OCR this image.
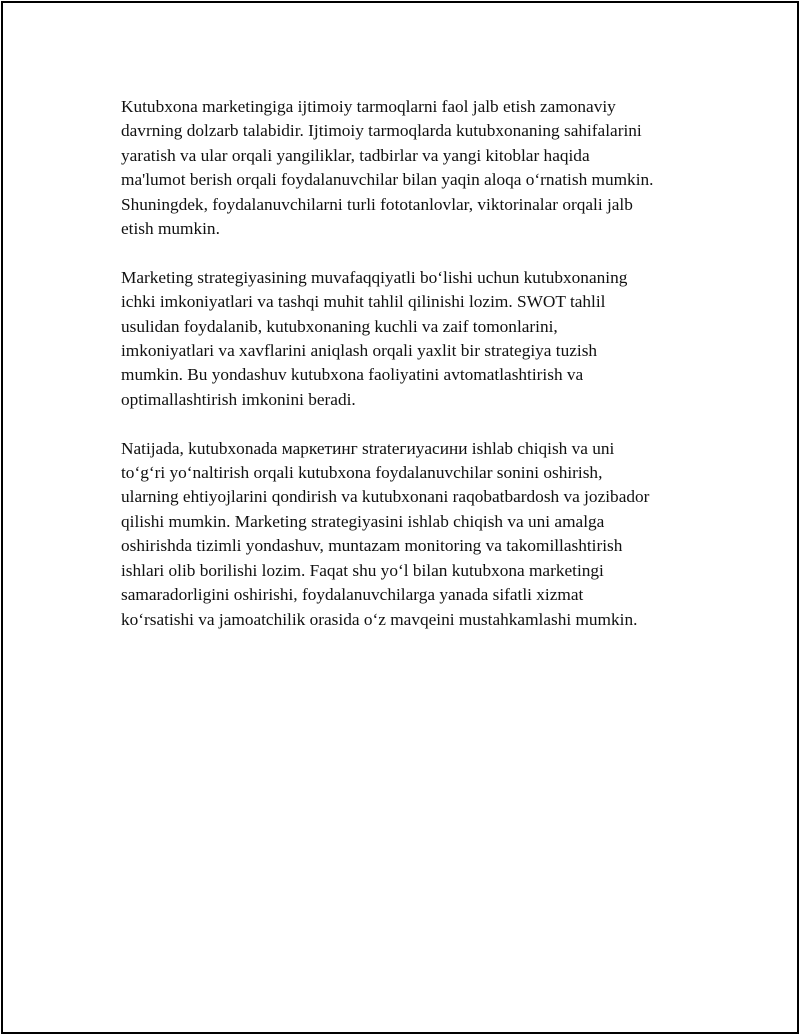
Kutubxona marketingiga ijtimoiy tarmoqlarni faol jalb etish zamonaviy
davrning dolzarb talabidir. Ijtimoiy tarmoqlarda kutubxonaning sahifalarini
yaratish va ular orqali yangiliklar, tadbirlar va yangi kitoblar haqida
ma'lumot berish orqali foydalanuvchilar bilan yaqin aloqa o‘rnatish mumkin.
Shuningdek, foydalanuvchilarni turli fototanlovlar, viktorinalar orqali jalb
etish mumkin.

Marketing strategiyasining muvafaqqiyatli bo‘lishi uchun kutubxonaning
ichki imkoniyatlari va tashqi muhit tahlil qilinishi lozim. SWOT tahlil
usulidan foydalanib, kutubxonaning kuchli va zaif tomonlarini,
imkoniyatlari va xavflarini aniqlash orqali yaxlit bir strategiya tuzish
mumkin. Bu yondashuv kutubxona faoliyatini avtomatlashtirish va
optimallashtirish imkonini beradi.

Natijada, kutubxonada маркетинг stratегиyaсини ishlab chiqish va uni
to‘g‘ri yo‘naltirish orqali kutubxona foydalanuvchilar sonini oshirish,
ularning ehtiyojlarini qondirish va kutubxonani raqobatbardosh va jozibador
qilishi mumkin. Marketing strategiyasini ishlab chiqish va uni amalga
oshirishda tizimli yondashuv, muntazam monitoring va takomillashtirish
ishlari olib borilishi lozim. Faqat shu yo‘l bilan kutubxona marketingi
samaradorligini oshirishi, foydalanuvchilarga yanada sifatli xizmat
ko‘rsatishi va jamoatchilik orasida o‘z mavqeini mustahkamlashi mumkin.
